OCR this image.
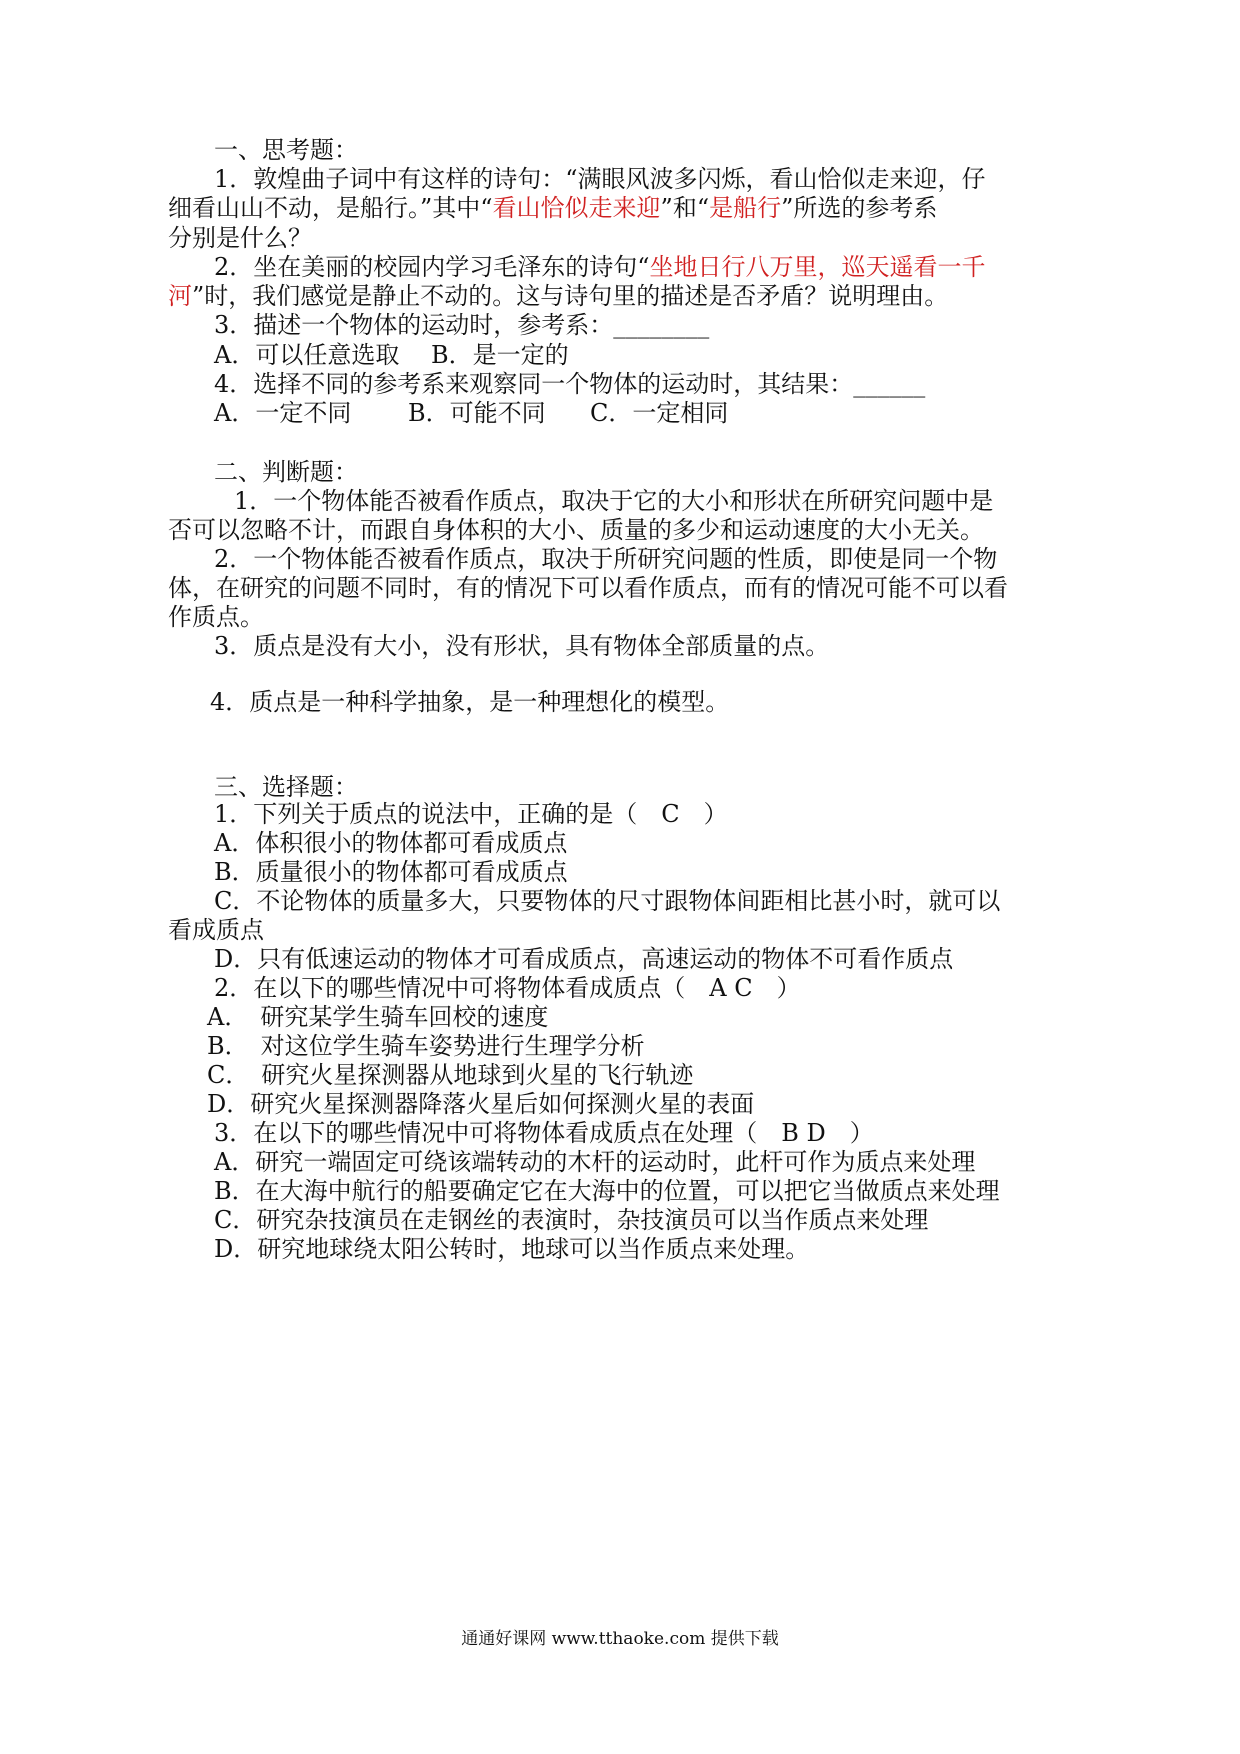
一、思考题：
1．敦煌曲子词中有这样的诗句：“满眼风波多闪烁，看山恰似走来迎，仔
细看山山不动，是船行。”其中“看山恰似走来迎”和“是船行”所选的参考系
分别是什么？
2．坐在美丽的校园内学习毛泽东的诗句“坐地日行八万里，巡天遥看一千
河”时，我们感觉是静止不动的。这与诗句里的描述是否矛盾？说明理由。
3．描述一个物体的运动时，参考系：________
A．可以任意选取 B．是一定的
4．选择不同的参考系来观察同一个物体的运动时，其结果：______
A．一定不同 B．可能不同 C．一定相同
二、判断题：
1．一个物体能否被看作质点，取决于它的大小和形状在所研究问题中是
否可以忽略不计，而跟自身体积的大小、质量的多少和运动速度的大小无关。
2．一个物体能否被看作质点，取决于所研究问题的性质，即使是同一个物
体，在研究的问题不同时，有的情况下可以看作质点，而有的情况可能不可以看
作质点。
3．质点是没有大小，没有形状，具有物体全部质量的点。
4．质点是一种科学抽象，是一种理想化的模型。
三、选择题：
1．下列关于质点的说法中，正确的是（　C　）
A．体积很小的物体都可看成质点
B．质量很小的物体都可看成质点
C．不论物体的质量多大，只要物体的尺寸跟物体间距相比甚小时，就可以
看成质点
D．只有低速运动的物体才可看成质点，高速运动的物体不可看作质点
2．在以下的哪些情况中可将物体看成质点（　A C　）
A．　研究某学生骑车回校的速度
B．　对这位学生骑车姿势进行生理学分析
C．　研究火星探测器从地球到火星的飞行轨迹
D．研究火星探测器降落火星后如何探测火星的表面
3．在以下的哪些情况中可将物体看成质点在处理（　B D　）
A．研究一端固定可绕该端转动的木杆的运动时，此杆可作为质点来处理
B．在大海中航行的船要确定它在大海中的位置，可以把它当做质点来处理
C．研究杂技演员在走钢丝的表演时，杂技演员可以当作质点来处理
D．研究地球绕太阳公转时，地球可以当作质点来处理。
通通好课网 www.tthaoke.com 提供下载
